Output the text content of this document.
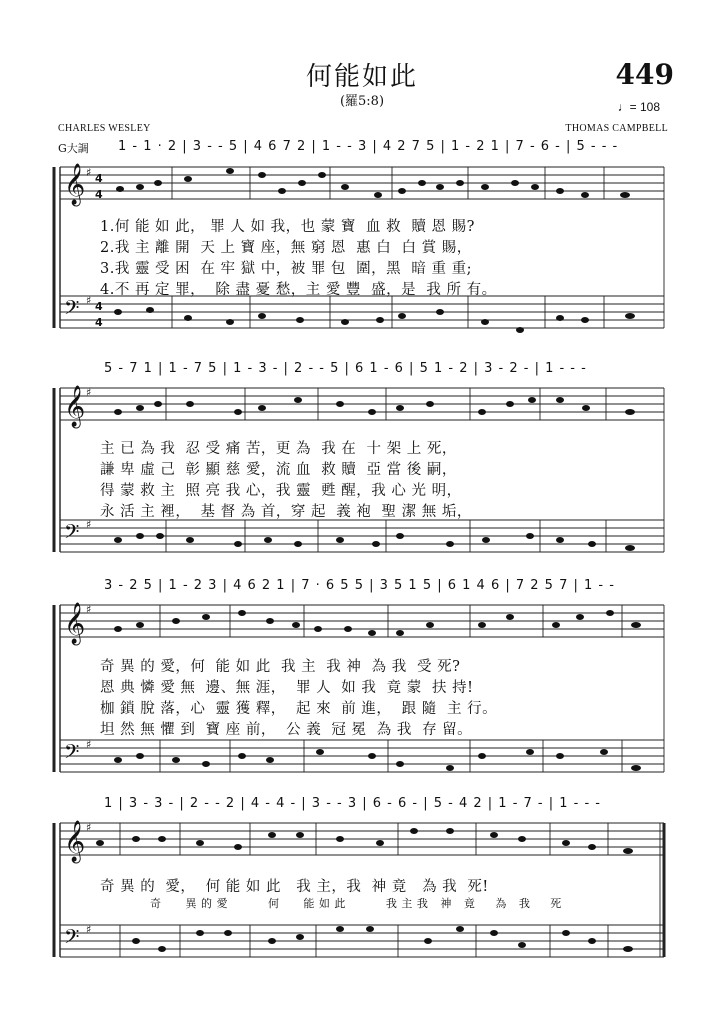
何能如此
(羅5:8)
449
♩= 108
CHARLES WESLEY	THOMAS CAMPBELL
G大調
𝄞
𝄢
♯
♯
4
4
4
4
𝄞
𝄢
♯
♯
𝄞
𝄢
♯
♯
𝄞
𝄢
♯
♯
1 - 1 · 2 | 3 - - 5 | 4 6 7 2 | 1 - - 3 | 4 2 7 5 | 1 - 2 1 | 7 - 6 - | 5 - - -
1.何 能 如 此， 罪 人 如 我，也 蒙 寶  血 救  贖 恩 賜?
2.我 主 離 開  天 上 寶 座，無 窮 恩  惠 白  白 賞 賜，
3.我 靈 受 困  在 牢 獄 中，被 罪 包  圍，黑  暗 重 重;
4.不 再 定 罪，  除 盡 憂 愁，主 愛 豐  盛，是  我 所 有。
5 - 7 1 | 1 - 7 5 | 1 - 3 - | 2 - - 5 | 6 1 - 6 | 5 1 - 2 | 3 - 2 - | 1 - - -
主 已 為 我  忍 受 痛 苦，更 為  我 在  十 架 上 死，
謙 卑 虛 己  彰 顯 慈 愛，流 血  救 贖  亞 當 後 嗣，
得 蒙 救 主  照 亮 我 心，我 靈  甦 醒，我 心 光 明，
永 活 主 裡，  基 督 為 首，穿 起  義 袍  聖 潔 無 垢，
3 - 2 5 | 1 - 2 3 | 4 6 2 1 | 7 · 6 5 5 | 3 5 1 5 | 6 1 4 6 | 7 2 5 7 | 1 - -
奇 異 的 愛，何  能 如 此  我 主  我 神  為 我  受 死?
恩 典 憐 愛 無  邊、無 涯，  罪 人  如 我  竟 蒙  扶 持!
枷 鎖 脫 落，心  靈 獲 釋，  起 來  前 進，  跟 隨  主 行。
坦 然 無 懼 到  寶 座 前，  公 義  冠 冕  為 我  存 留。
1 | 3 - 3 - | 2 - - 2 | 4 - 4 - | 3 - - 3 | 6 - 6 - | 5 - 4 2 | 1 - 7 - | 1 - - -
奇 異 的  愛，  何 能 如 此   我 主，我  神 竟   為 我  死!
奇      異 的 愛          何      能 如 此          我 主 我   神   竟     為   我     死
